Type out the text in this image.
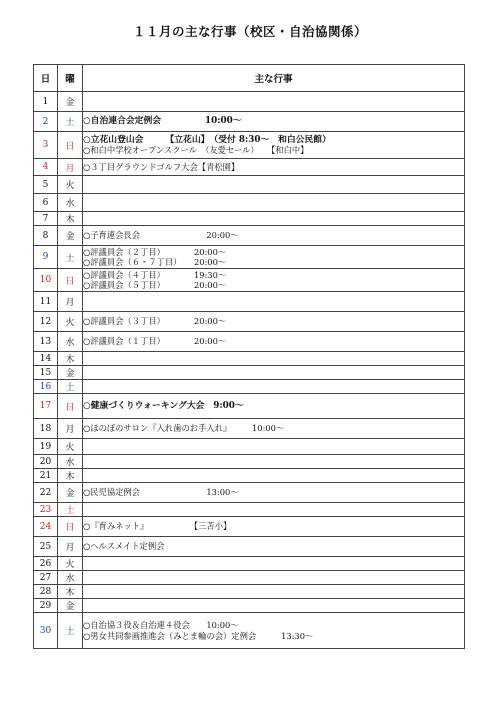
１１月の主な行事（校区・自治協関係）
日	曜	主な行事
1	金	
2	土	○自治連合会定例会　　　　　10:00～

3	日	○立花山登山会　　　【立花山】　（受付 8:30～　和白公民館）
○和白中学校オープンスクール　（友愛セール）　　【和白中】

4	月	○３丁目グラウンドゴルフ大会【青松園】

5	火	
6	水	
7	木	
8	金	○子育連会長会　　　　　　　　20:00～

9	土	○評議員会（２丁目）　　　　20:00～
○評議員会（６・７丁目）　　20:00～

10	日	○評議員会（４丁目）　　　　19:30～
○評議員会（５丁目）　　　　20:00～

11	月	
12	火	○評議員会（３丁目）　　　　20:00～

13	水	○評議員会（１丁目）　　　　20:00～

14	木	
15	金	
16	土	
17	日	○健康づくりウォーキング大会　9:00～

18	月	○ほのぼのサロン『入れ歯のお手入れ』　　　10:00～

19	火	
20	水	
21	木	
22	金	○民児協定例会　　　　　　　　13:00～

23	土	
24	日	○『育みネット』　　　　　　【三苫小】

25	月	○ヘルスメイト定例会

26	火	
27	水	
28	木	
29	金	
30	土	○自治協３役＆自治連４役会　　10:00～
○男女共同参画推進会（みとま輪の会）定例会　　　13:30～
